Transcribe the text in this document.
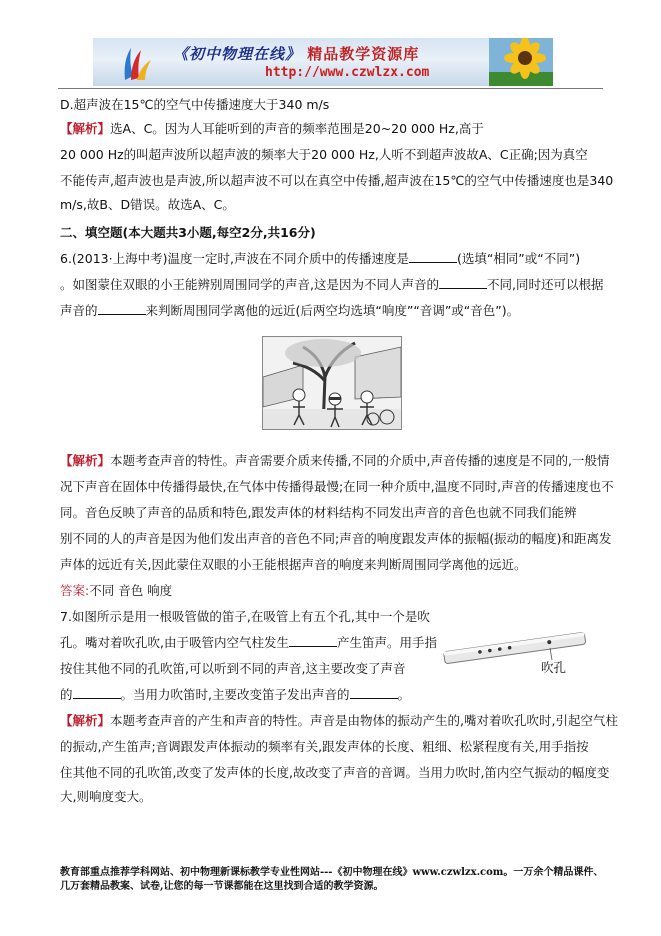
《初中物理在线》 精品教学资源库
http://www.czwlzx.com
D.超声波在15℃的空气中传播速度大于340 m/s
【解析】选A、C。因为人耳能听到的声音的频率范围是20~20 000 Hz,高于
20 000 Hz的叫超声波所以超声波的频率大于20 000 Hz,人听不到超声波故A、C正确;因为真空
不能传声,超声波也是声波,所以超声波不可以在真空中传播,超声波在15℃的空气中传播速度也是340
m/s,故B、D错误。故选A、C。
二、填空题(本大题共3小题,每空2分,共16分)
6.(2013·上海中考)温度一定时,声波在不同介质中的传播速度是	(选填“相同”或“不同”)
。如图蒙住双眼的小王能辨别周围同学的声音,这是因为不同人声音的	不同,同时还可以根据
声音的	来判断周围同学离他的远近(后两空均选填“响度”“音调”或“音色”)。
【解析】本题考查声音的特性。声音需要介质来传播,不同的介质中,声音传播的速度是不同的,一般情
况下声音在固体中传播得最快,在气体中传播得最慢;在同一种介质中,温度不同时,声音的传播速度也不
同。音色反映了声音的品质和特色,跟发声体的材料结构不同发出声音的音色也就不同我们能辨
别不同的人的声音是因为他们发出声音的音色不同;声音的响度跟发声体的振幅(振动的幅度)和距离发
声体的远近有关,因此蒙住双眼的小王能根据声音的响度来判断周围同学离他的远近。
答案:不同 音色 响度
7.如图所示是用一根吸管做的笛子,在吸管上有五个孔,其中一个是吹
孔。嘴对着吹孔吹,由于吸管内空气柱发生	产生笛声。用手指
按住其他不同的孔吹笛,可以听到不同的声音,这主要改变了声音
的	。当用力吹笛时,主要改变笛子发出声音的	。
吹孔
【解析】本题考查声音的产生和声音的特性。声音是由物体的振动产生的,嘴对着吹孔吹时,引起空气柱
的振动,产生笛声;音调跟发声体振动的频率有关,跟发声体的长度、粗细、松紧程度有关,用手指按
住其他不同的孔吹笛,改变了发声体的长度,故改变了声音的音调。当用力吹时,笛内空气振动的幅度变
大,则响度变大。
教育部重点推荐学科网站、初中物理新课标教学专业性网站---《初中物理在线》www.czwlzx.com。一万余个精品课件、
几万套精品教案、试卷,让您的每一节课都能在这里找到合适的教学资源。
